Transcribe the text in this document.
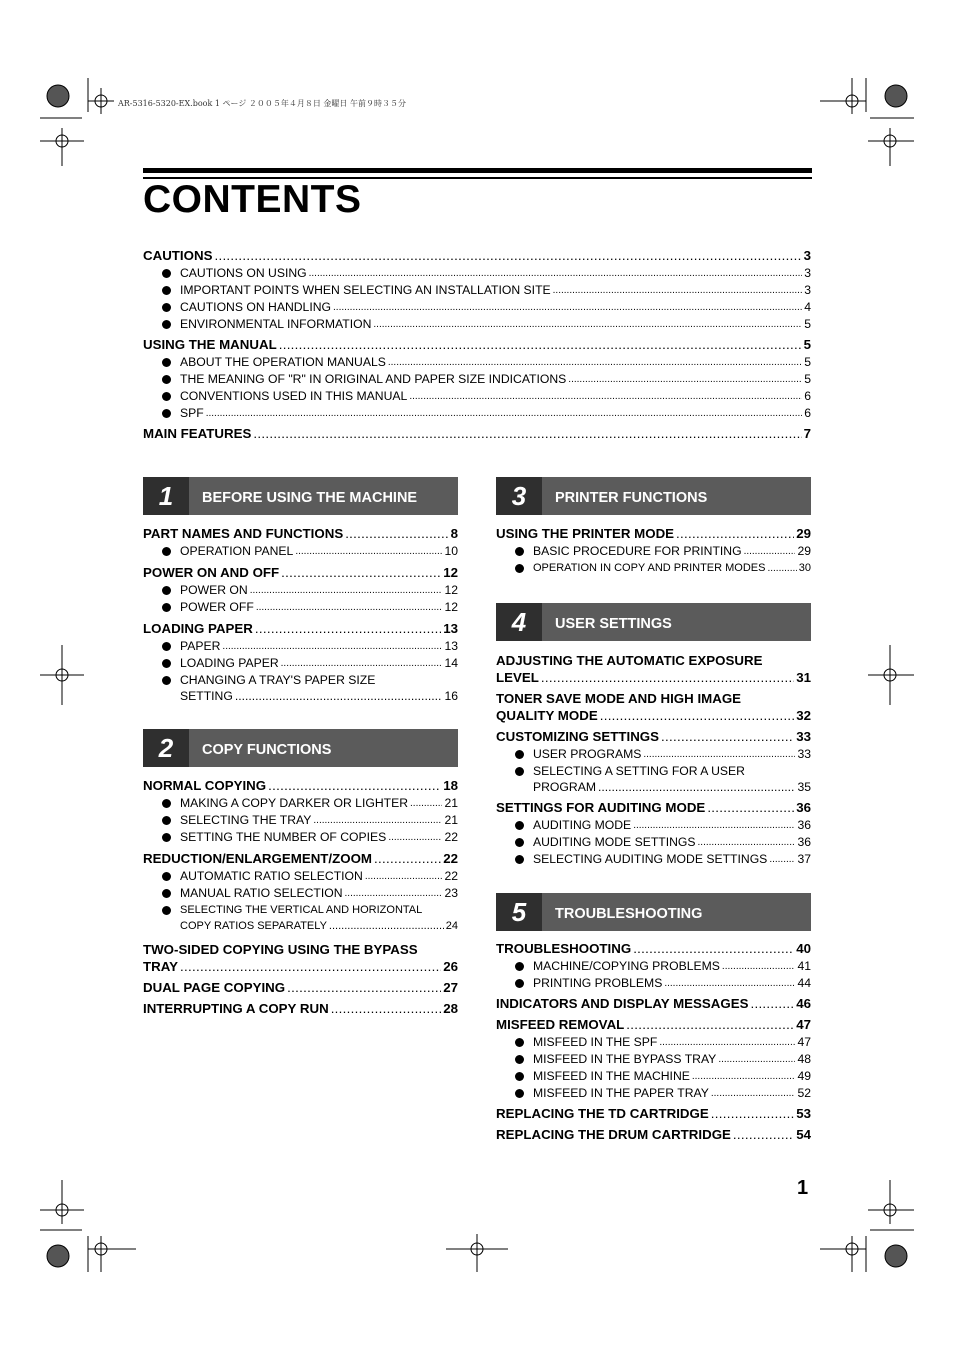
AR-5316-5320-EX.book 1 ページ ２００５年４月８日 金曜日 午前９時３５分
CONTENTS
CAUTIONS .....	3
CAUTIONS ON USING .....	3
IMPORTANT POINTS WHEN SELECTING AN INSTALLATION SITE .....	3
CAUTIONS ON HANDLING .....	4
ENVIRONMENTAL INFORMATION .....	5
USING THE MANUAL .....	5
ABOUT THE OPERATION MANUALS .....	5
THE MEANING OF "R" IN ORIGINAL AND PAPER SIZE INDICATIONS .....	5
CONVENTIONS USED IN THIS MANUAL .....	6
SPF .....	6
MAIN FEATURES .....	7
1	BEFORE USING THE MACHINE
PART NAMES AND FUNCTIONS .....	8
OPERATION PANEL .....	10
POWER ON AND OFF .....	12
POWER ON .....	12
POWER OFF .....	12
LOADING PAPER .....	13
PAPER .....	13
LOADING PAPER .....	14
CHANGING A TRAY'S PAPER SIZE
SETTING .....	16
2	COPY FUNCTIONS
NORMAL COPYING .....	18
MAKING A COPY DARKER OR LIGHTER .....	21
SELECTING THE TRAY .....	21
SETTING THE NUMBER OF COPIES .....	22
REDUCTION/ENLARGEMENT/ZOOM .....	22
AUTOMATIC RATIO SELECTION .....	22
MANUAL RATIO SELECTION .....	23
SELECTING THE VERTICAL AND HORIZONTAL
COPY RATIOS SEPARATELY .....	24
TWO-SIDED COPYING USING THE BYPASS
TRAY .....	26
DUAL PAGE COPYING .....	27
INTERRUPTING A COPY RUN .....	28
3	PRINTER FUNCTIONS
USING THE PRINTER MODE .....	29
BASIC PROCEDURE FOR PRINTING .....	29
OPERATION IN COPY AND PRINTER MODES .....	30
4	USER SETTINGS
ADJUSTING THE AUTOMATIC EXPOSURE
LEVEL .....	31
TONER SAVE MODE AND HIGH IMAGE
QUALITY MODE .....	32
CUSTOMIZING SETTINGS .....	33
USER PROGRAMS .....	33
SELECTING A SETTING FOR A USER
PROGRAM .....	35
SETTINGS FOR AUDITING MODE .....	36
AUDITING MODE .....	36
AUDITING MODE SETTINGS .....	36
SELECTING AUDITING MODE SETTINGS ..... 37
5	TROUBLESHOOTING
TROUBLESHOOTING .....	40
MACHINE/COPYING PROBLEMS .....	41
PRINTING PROBLEMS .....	44
INDICATORS AND DISPLAY MESSAGES .....	46
MISFEED REMOVAL .....	47
MISFEED IN THE SPF .....	47
MISFEED IN THE BYPASS TRAY .....	48
MISFEED IN THE MACHINE .....	49
MISFEED IN THE PAPER TRAY .....	52
REPLACING THE TD CARTRIDGE .....	53
REPLACING THE DRUM CARTRIDGE .....	54
1
